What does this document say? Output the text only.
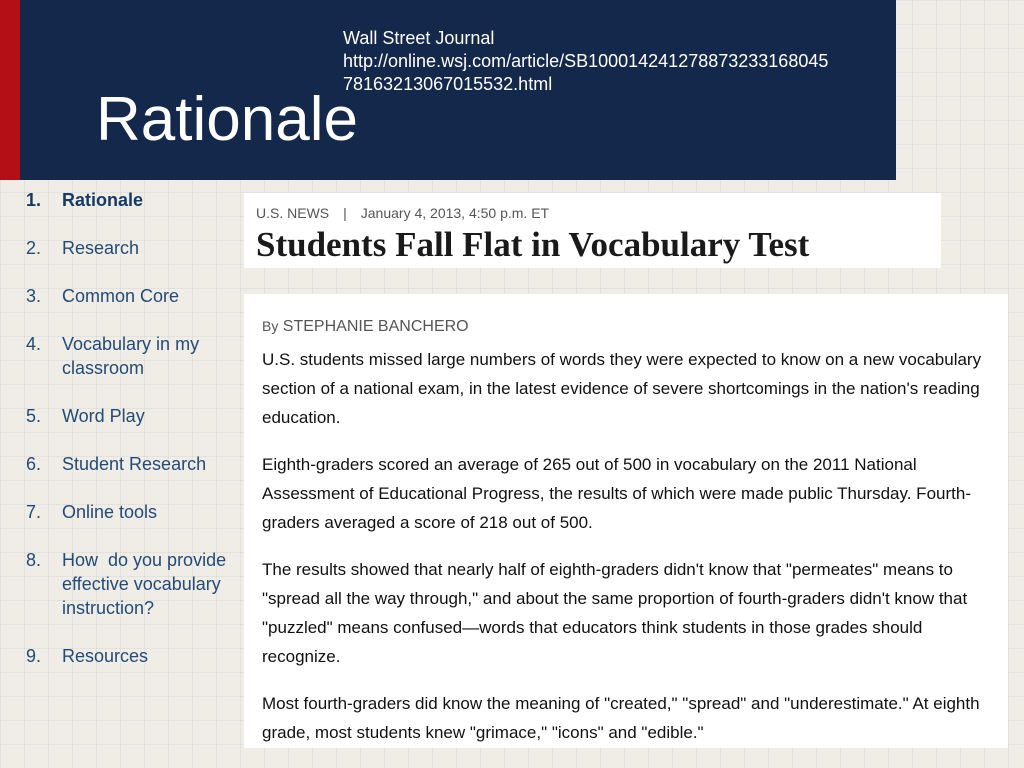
Rationale
Wall Street Journal
http://online.wsj.com/article/SB100014241278873233168045
78163213067015532.html
1.	Rationale
2.	Research
3.	Common Core
4.	Vocabulary in my classroom
5.	Word Play
6.	Student Research
7.	Online tools
8.	How  do you provide effective vocabulary instruction?
9.	Resources
U.S. NEWS | January 4, 2013, 4:50 p.m. ET
Students Fall Flat in Vocabulary Test
By STEPHANIE BANCHERO

U.S. students missed large numbers of words they were expected to know on a new vocabulary section of a national exam, in the latest evidence of severe shortcomings in the nation's reading education.

Eighth-graders scored an average of 265 out of 500 in vocabulary on the 2011 National Assessment of Educational Progress, the results of which were made public Thursday. Fourth-graders averaged a score of 218 out of 500.

The results showed that nearly half of eighth-graders didn't know that "permeates" means to "spread all the way through," and about the same proportion of fourth-graders didn't know that "puzzled" means confused—words that educators think students in those grades should recognize.

Most fourth-graders did know the meaning of "created," "spread" and "underestimate." At eighth grade, most students knew "grimace," "icons" and "edible."
